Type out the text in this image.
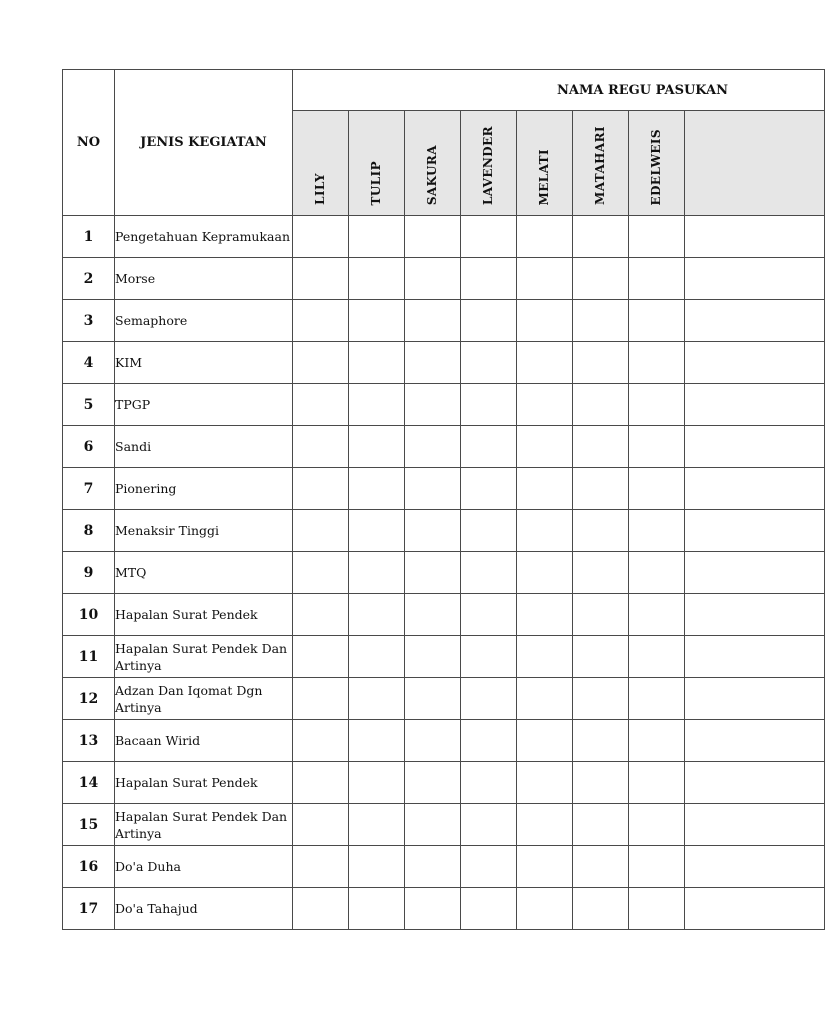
NO	JENIS KEGIATAN	NAMA REGU PASUKAN							

		LILY	TULIP	SAKURA	LAVENDER	MELATI	MATAHARI	EDELWEIS	

1	Pengetahuan Kepramukaan								
2	Morse								
3	Semaphore								
4	KIM								
5	TPGP								
6	Sandi								
7	Pionering								
8	Menaksir Tinggi								
9	MTQ								
10	Hapalan Surat Pendek								
11	Hapalan Surat Pendek Dan Artinya								
12	Adzan Dan Iqomat Dgn Artinya								
13	Bacaan Wirid								
14	Hapalan Surat Pendek								
15	Hapalan Surat Pendek Dan Artinya								
16	Do'a Duha								
17	Do'a Tahajud								
